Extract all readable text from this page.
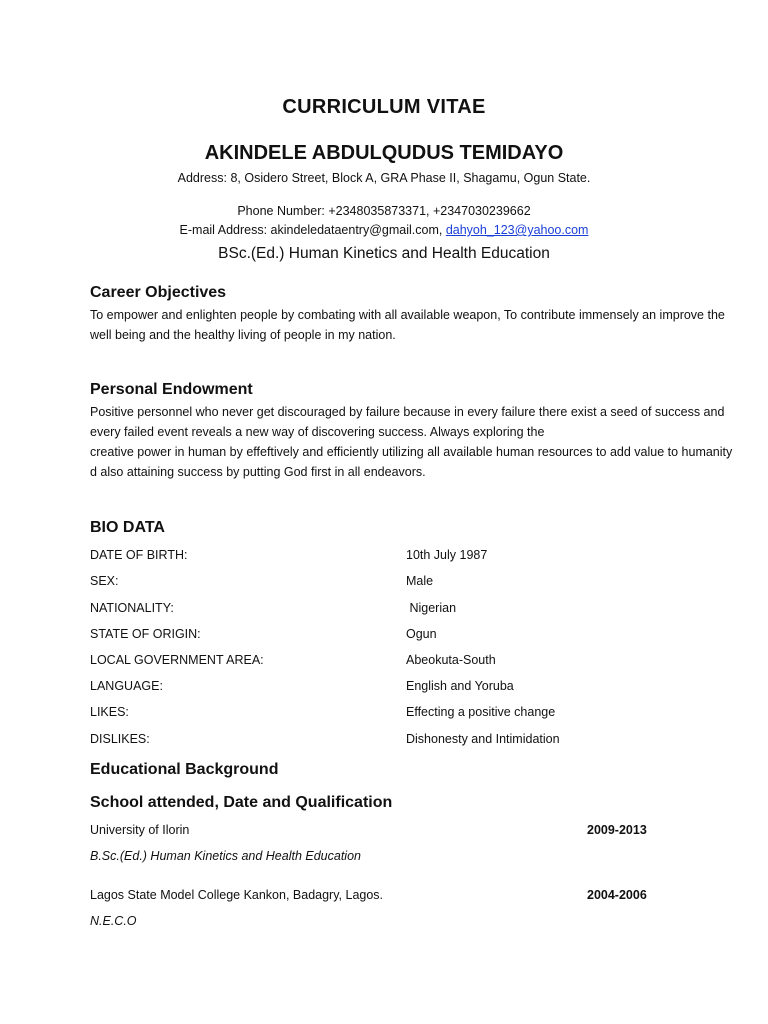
CURRICULUM VITAE
AKINDELE ABDULQUDUS TEMIDAYO
Address: 8, Osidero Street, Block A, GRA Phase II, Shagamu, Ogun State.
Phone Number: +2348035873371, +2347030239662
E-mail Address: akindeledataentry@gmail.com, dahyoh_123@yahoo.com
BSc.(Ed.) Human Kinetics and Health Education
Career Objectives
To empower and enlighten people by combating with all available weapon, To contribute immensely an improve the
well being and the healthy living of people in my nation.
Personal Endowment
Positive personnel who never get discouraged by failure because in every failure there exist a seed of success and
every failed event reveals a new way of discovering success. Always exploring the
creative power in human by effeftively and efficiently utilizing all available human resources to add value to humanity
d also attaining success by putting God first in all endeavors.
BIO DATA
DATE OF BIRTH:	10th July 1987
SEX:	Male
NATIONALITY:	Nigerian
STATE OF ORIGIN:	Ogun
LOCAL GOVERNMENT AREA:	Abeokuta-South
LANGUAGE:	English and Yoruba
LIKES:	Effecting a positive change
DISLIKES:	Dishonesty and Intimidation
Educational Background
School attended, Date and Qualification
University of Ilorin	2009-2013
B.Sc.(Ed.) Human Kinetics and Health Education
Lagos State Model College Kankon, Badagry, Lagos.	2004-2006
N.E.C.O
